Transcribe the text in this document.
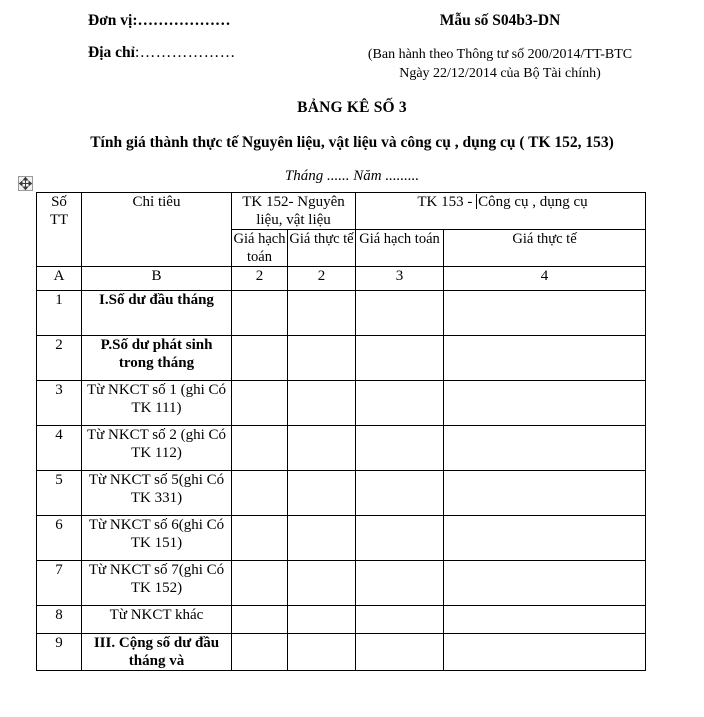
Đơn vị:………………
Địa chỉ:………………
Mẫu số S04b3-DN
(Ban hành theo Thông tư số 200/2014/TT-BTC
Ngày 22/12/2014 của Bộ Tài chính)
BẢNG KÊ SỐ 3
Tính giá thành thực tế Nguyên liệu, vật liệu và công cụ , dụng cụ ( TK 152, 153)
Tháng ...... Năm .........
Số
TT	Chỉ tiêu	TK 152- Nguyên liệu, vật liệu		TK 153 - Công cụ , dụng cụ	
		Giá hạch toán	Giá thực tế	Giá hạch toán	Giá thực tế
A	B	2	2	3	4
1	I.Số dư đầu tháng				
2	P.Số dư phát sinh trong tháng				
3	Từ NKCT số 1 (ghi Có TK 111)				
4	Từ NKCT số 2 (ghi Có TK 112)				
5	Từ NKCT số 5(ghi Có TK 331)				
6	Từ NKCT số 6(ghi Có TK 151)				
7	Từ NKCT số 7(ghi Có TK 152)				
8	Từ NKCT khác				
9	III. Cộng số dư đầu tháng và				
